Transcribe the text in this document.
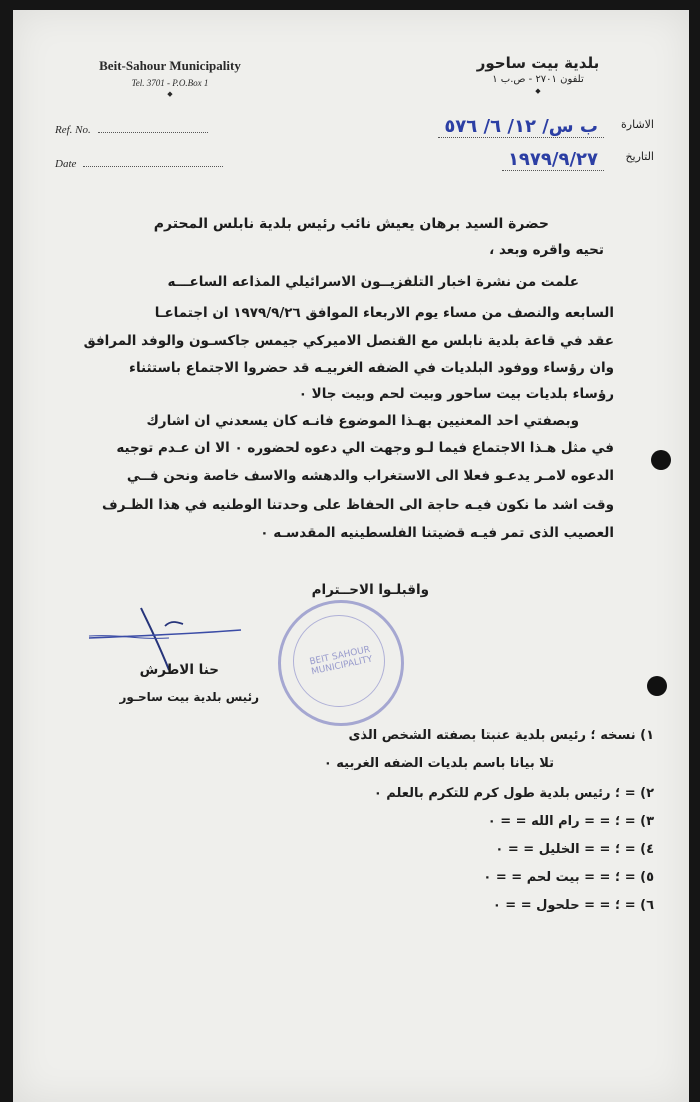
Beit-Sahour Municipality
Tel. 3701 - P.O.Box 1
◆
بلدية بيت ساحور
تلفون ٢٧٠١ - ص.ب ١
◆
Ref. No.
Date
الاشارة
التاريخ
ب س/ ١٢/ ٦/ ٥٧٦
١٩٧٩/٩/٢٧
حضرة السيد برهان يعيش نائب رئيس بلدية نابلس المحترم
تحيه واقره وبعد ،
علمت من نشرة اخبار التلفزيــون الاسرائيلي المذاعه الساعـــه
السابعه والنصف من مساء يوم الاربعاء الموافق ١٩٧٩/٩/٢٦ ان اجتماعـا
عقد في قاعة بلدية نابلس مع القنصل الاميركي جيمس جاكسـون والوفد المرافق
وان رؤساء ووفود البلديات في الضفه الغربيـه قد حضروا الاجتماع باستثناء
رؤساء بلديات بيت ساحور وبيت لحم وبيت جالا ٠
وبصفتي احد المعنيين بهـذا الموضوع فانـه كان يسعدني ان اشارك
في مثل هـذا الاجتماع فيما لـو وجهت الي دعوه لحضوره ٠ الا ان عـدم توجيه
الدعوه لامـر يدعـو فعلا الى الاستغراب والدهشه والاسف خاصة ونحن فــي
وقت اشد ما نكون فيـه حاجة الى الحفاظ على وحدتنا الوطنيه في هذا الظـرف
العصيب الذى تمر فيـه قضيتنا الفلسطينيه المقدسـه ٠
واقبلـوا الاحــترام
حنا الاطرش
رئيس بلدية بيت ساحـور
BEIT SAHOUR MUNICIPALITY
١) نسخه ؛ رئيس بلدية عنبتا بصفته الشخص الذى
تلا بيانا باسم بلديات الضفه الغربيه ٠
٢) = ؛ رئيس بلدية طول كرم للتكرم بالعلم ٠
٣) = ؛ = = رام الله = = ٠
٤) = ؛ = = الخليل = = ٠
٥) = ؛ = = بيت لحم = = ٠
٦) = ؛ = = حلحول = = ٠
